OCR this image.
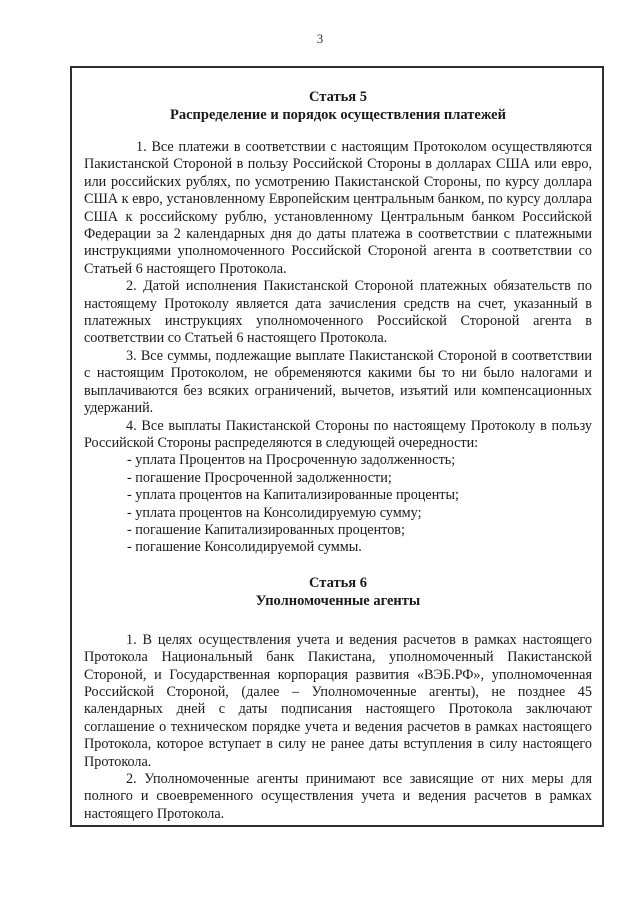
3
Статья 5
Распределение и порядок осуществления платежей

1. Все платежи в соответствии с настоящим Протоколом осуществляются Пакистанской Стороной в пользу Российской Стороны в долларах США или евро, или российских рублях, по усмотрению Пакистанской Стороны, по курсу доллара США к евро, установленному Европейским центральным банком, по курсу доллара США к российскому рублю, установленному Центральным банком Российской Федерации за 2 календарных дня до даты платежа в соответствии с платежными инструкциями уполномоченного Российской Стороной агента в соответствии со Статьей 6 настоящего Протокола.

2. Датой исполнения Пакистанской Стороной платежных обязательств по настоящему Протоколу является дата зачисления средств на счет, указанный в платежных инструкциях уполномоченного Российской Стороной агента в соответствии со Статьей 6 настоящего Протокола.

3. Все суммы, подлежащие выплате Пакистанской Стороной в соответствии с настоящим Протоколом, не обременяются какими бы то ни было налогами и выплачиваются без всяких ограничений, вычетов, изъятий или компенсационных удержаний.

4. Все выплаты Пакистанской Стороны по настоящему Протоколу в пользу Российской Стороны распределяются в следующей очередности:

- уплата Процентов на Просроченную задолженность;
- погашение Просроченной задолженности;
- уплата процентов на Капитализированные проценты;
- уплата процентов на Консолидируемую сумму;
- погашение Капитализированных процентов;
- погашение Консолидируемой суммы.
Статья 6
Уполномоченные агенты

1. В целях осуществления учета и ведения расчетов в рамках настоящего Протокола Национальный банк Пакистана, уполномоченный Пакистанской Стороной, и Государственная корпорация развития «ВЭБ.РФ», уполномоченная Российской Стороной, (далее – Уполномоченные агенты), не позднее 45 календарных дней с даты подписания настоящего Протокола заключают соглашение о техническом порядке учета и ведения расчетов в рамках настоящего Протокола, которое вступает в силу не ранее даты вступления в силу настоящего Протокола.

2. Уполномоченные агенты принимают все зависящие от них меры для полного и своевременного осуществления учета и ведения расчетов в рамках настоящего Протокола.
